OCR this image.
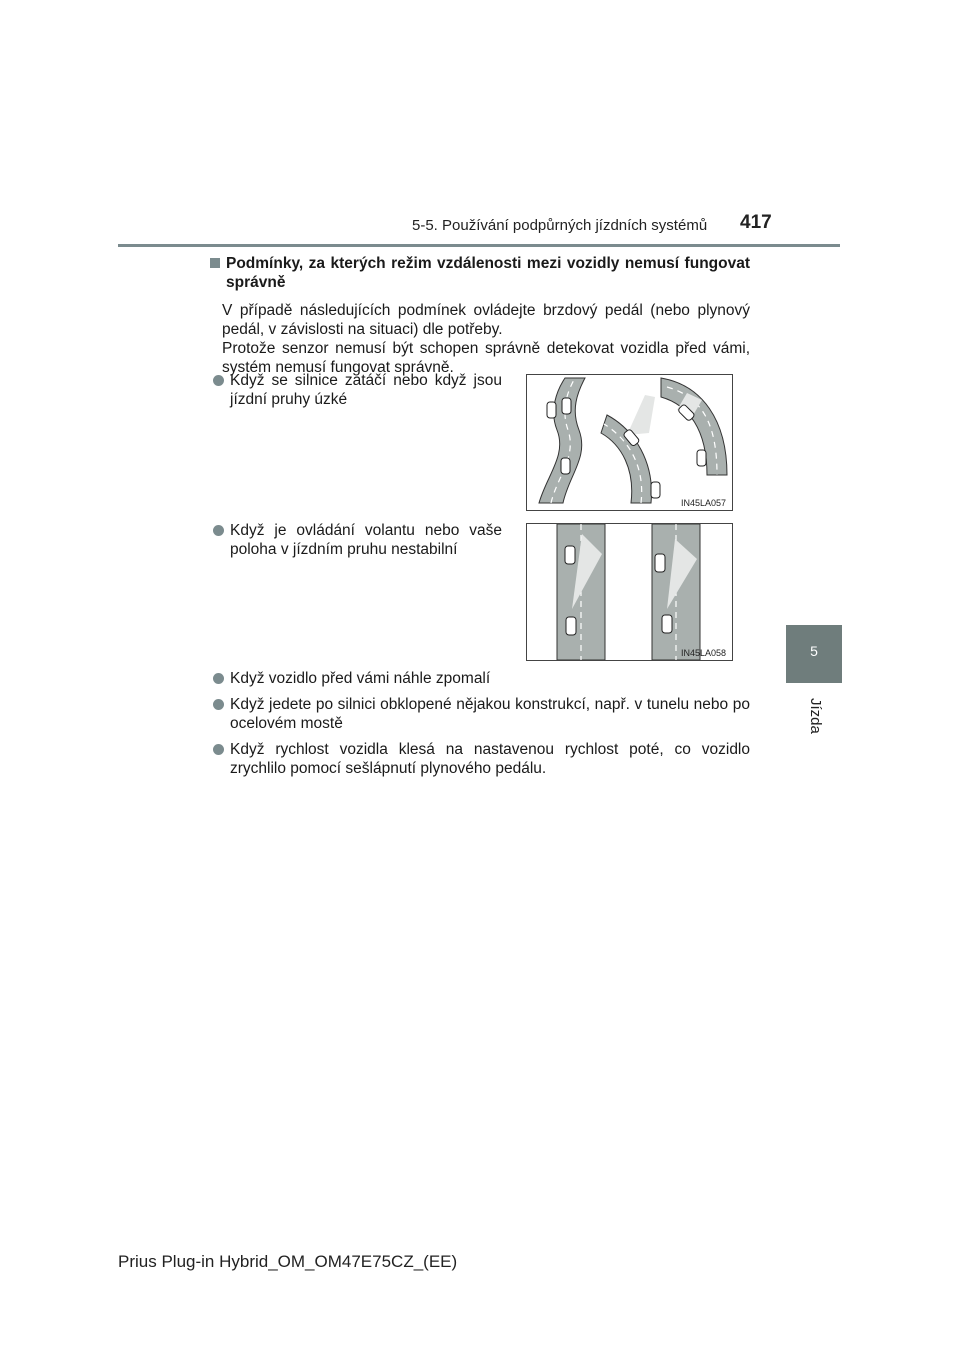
5-5. Používání podpůrných jízdních systémů 417
5
Jízda
Podmínky, za kterých režim vzdálenosti mezi vozidly nemusí fungovat správně
V případě následujících podmínek ovládejte brzdový pedál (nebo plynový pedál, v závislosti na situaci) dle potřeby.
Protože senzor nemusí být schopen správně detekovat vozidla před vámi, systém nemusí fungovat správně.
Když se silnice zatáčí nebo když jsou jízdní pruhy úzké
IN45LA057
Když je ovládání volantu nebo vaše poloha v jízdním pruhu nestabilní
IN45LA058
Když vozidlo před vámi náhle zpomalí
Když jedete po silnici obklopené nějakou konstrukcí, např. v tunelu nebo po ocelovém mostě
Když rychlost vozidla klesá na nastavenou rychlost poté, co vozidlo zrychlilo pomocí sešlápnutí plynového pedálu.
Prius Plug-in Hybrid_OM_OM47E75CZ_(EE)
